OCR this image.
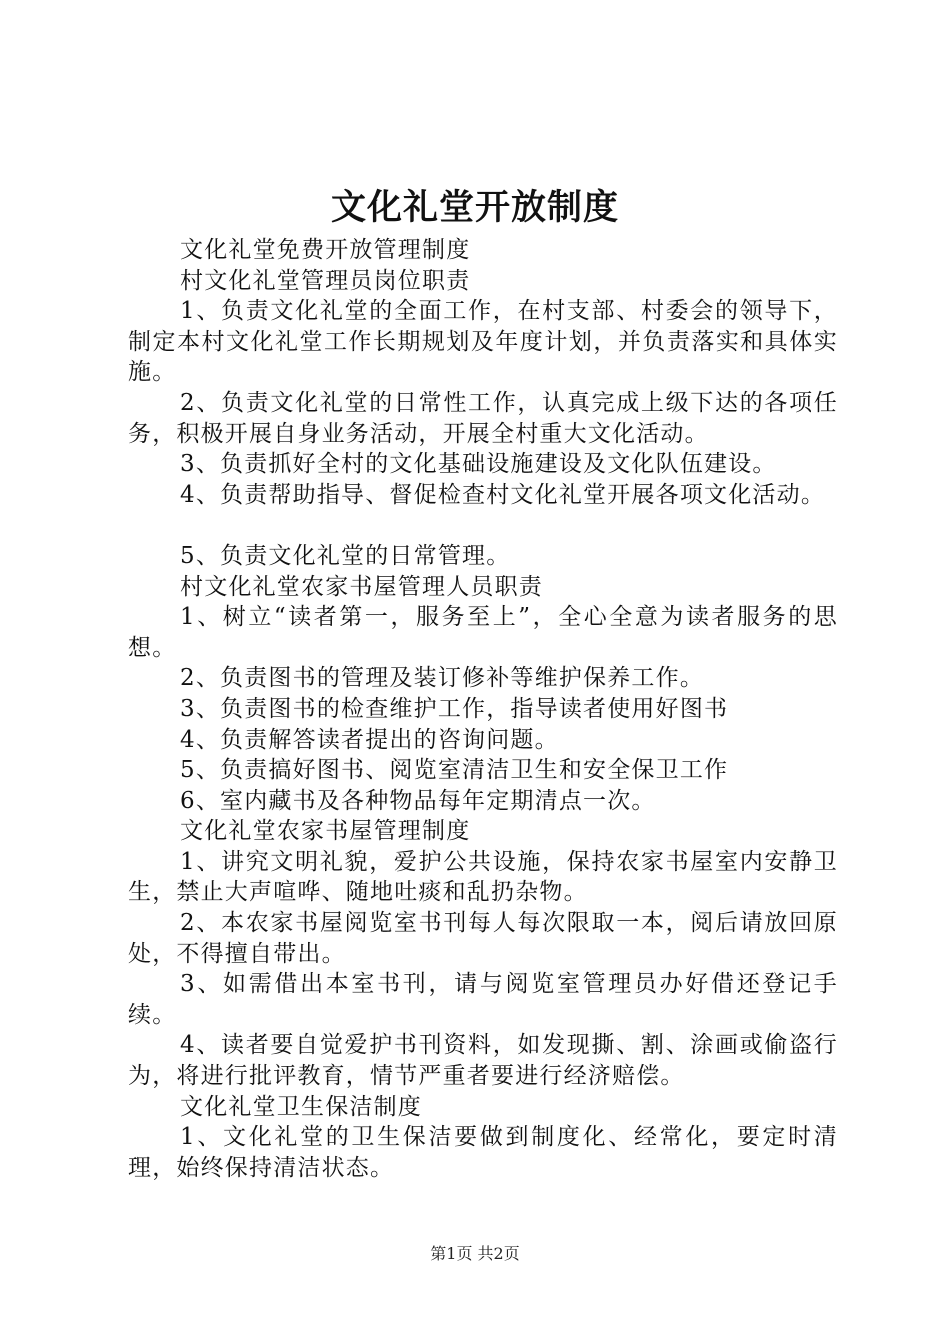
文化礼堂开放制度

文化礼堂免费开放管理制度

村文化礼堂管理员岗位职责

1、负责文化礼堂的全面工作，在村支部、村委会的领导下，制定本村文化礼堂工作长期规划及年度计划，并负责落实和具体实施。

2、负责文化礼堂的日常性工作，认真完成上级下达的各项任务，积极开展自身业务活动，开展全村重大文化活动。

3、负责抓好全村的文化基础设施建设及文化队伍建设。

4、负责帮助指导、督促检查村文化礼堂开展各项文化活动。

5、负责文化礼堂的日常管理。

村文化礼堂农家书屋管理人员职责

1、树立“读者第一，服务至上”，全心全意为读者服务的思想。

2、负责图书的管理及装订修补等维护保养工作。

3、负责图书的检查维护工作，指导读者使用好图书

4、负责解答读者提出的咨询问题。

5、负责搞好图书、阅览室清洁卫生和安全保卫工作

6、室内藏书及各种物品每年定期清点一次。

文化礼堂农家书屋管理制度

1、讲究文明礼貌，爱护公共设施，保持农家书屋室内安静卫生，禁止大声喧哗、随地吐痰和乱扔杂物。

2、本农家书屋阅览室书刊每人每次限取一本，阅后请放回原处，不得擅自带出。

3、如需借出本室书刊，请与阅览室管理员办好借还登记手续。

4、读者要自觉爱护书刊资料，如发现撕、割、涂画或偷盗行为，将进行批评教育，情节严重者要进行经济赔偿。

文化礼堂卫生保洁制度

1、文化礼堂的卫生保洁要做到制度化、经常化，要定时清理，始终保持清洁状态。

第1页 共2页
